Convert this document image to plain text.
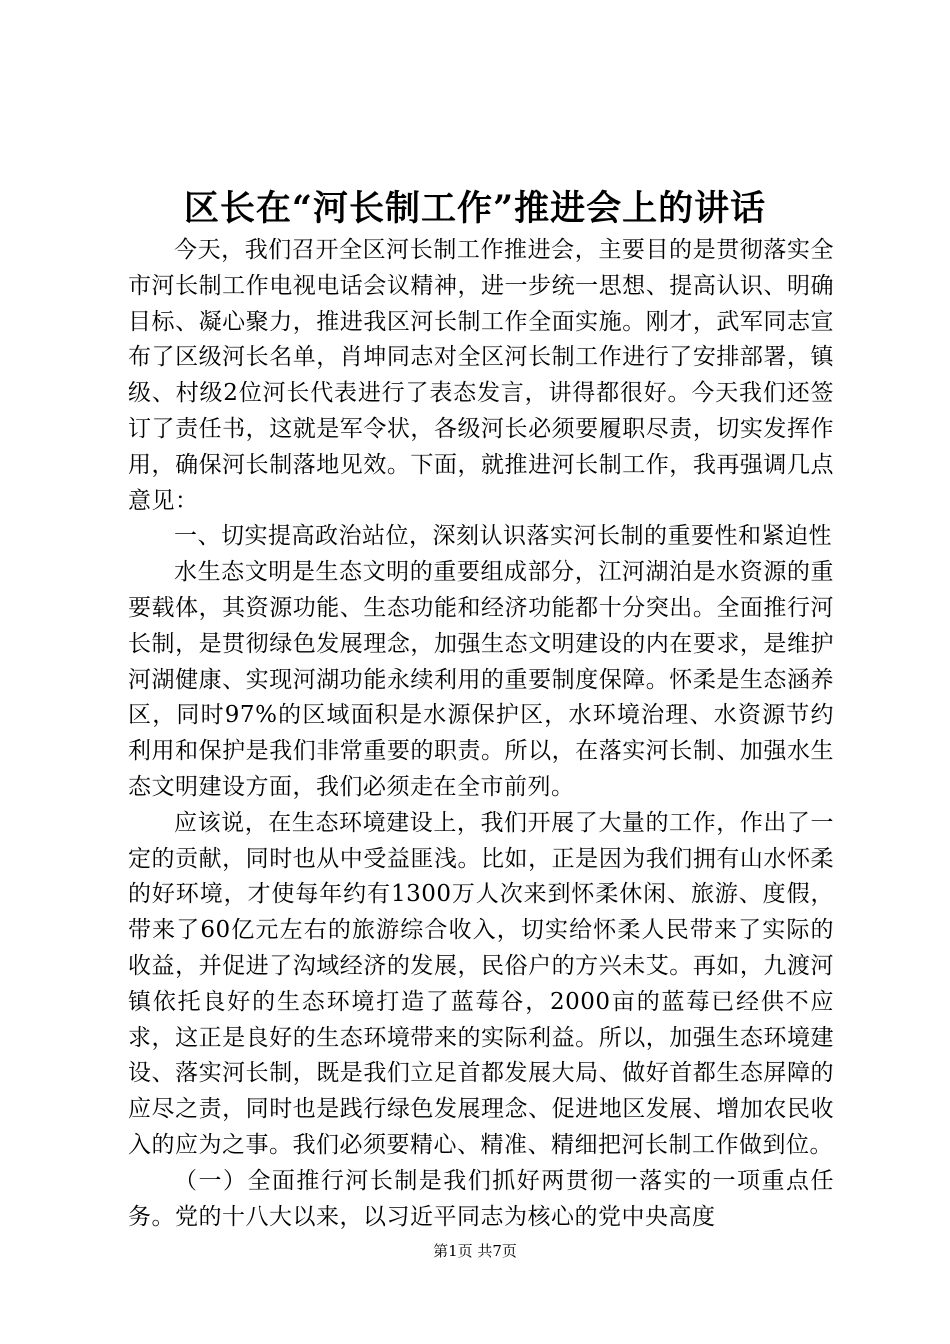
区长在“河长制工作”推进会上的讲话

今天，我们召开全区河长制工作推进会，主要目的是贯彻落实全市河长制工作电视电话会议精神，进一步统一思想、提高认识、明确目标、凝心聚力，推进我区河长制工作全面实施。刚才，武军同志宣布了区级河长名单，肖坤同志对全区河长制工作进行了安排部署，镇级、村级2位河长代表进行了表态发言，讲得都很好。今天我们还签订了责任书，这就是军令状，各级河长必须要履职尽责，切实发挥作用，确保河长制落地见效。下面，就推进河长制工作，我再强调几点意见：

一、切实提高政治站位，深刻认识落实河长制的重要性和紧迫性

水生态文明是生态文明的重要组成部分，江河湖泊是水资源的重要载体，其资源功能、生态功能和经济功能都十分突出。全面推行河长制，是贯彻绿色发展理念，加强生态文明建设的内在要求，是维护河湖健康、实现河湖功能永续利用的重要制度保障。怀柔是生态涵养区，同时97%的区域面积是水源保护区，水环境治理、水资源节约利用和保护是我们非常重要的职责。所以，在落实河长制、加强水生态文明建设方面，我们必须走在全市前列。

应该说，在生态环境建设上，我们开展了大量的工作，作出了一定的贡献，同时也从中受益匪浅。比如，正是因为我们拥有山水怀柔的好环境，才使每年约有1300万人次来到怀柔休闲、旅游、度假，带来了60亿元左右的旅游综合收入，切实给怀柔人民带来了实际的收益，并促进了沟域经济的发展，民俗户的方兴未艾。再如，九渡河镇依托良好的生态环境打造了蓝莓谷，2000亩的蓝莓已经供不应求，这正是良好的生态环境带来的实际利益。所以，加强生态环境建设、落实河长制，既是我们立足首都发展大局、做好首都生态屏障的应尽之责，同时也是践行绿色发展理念、促进地区发展、增加农民收入的应为之事。我们必须要精心、精准、精细把河长制工作做到位。

（一）全面推行河长制是我们抓好两贯彻一落实的一项重点任务。党的十八大以来，以习近平同志为核心的党中央高度

第1页 共7页
